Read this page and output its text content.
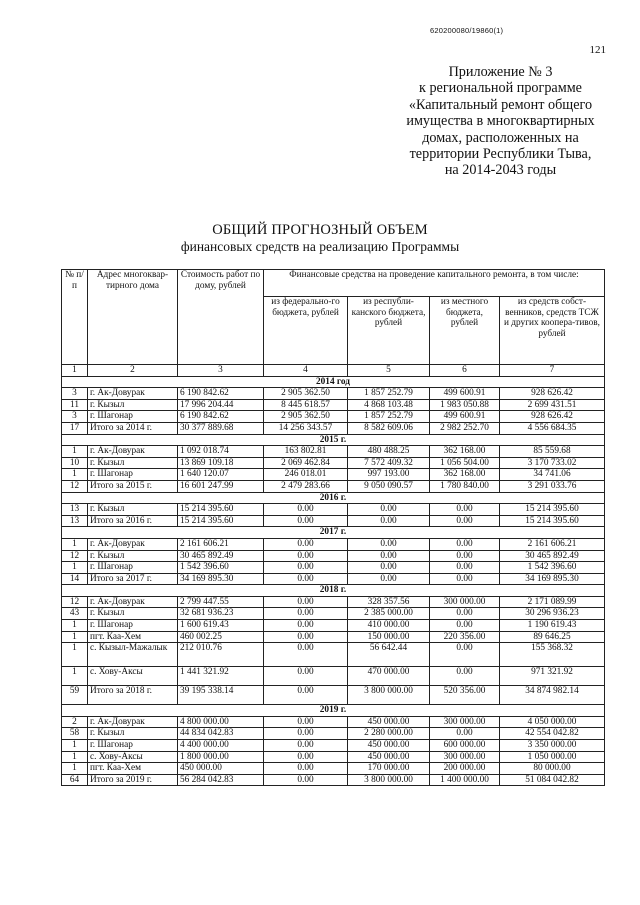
620200080/19860(1)
121
Приложение № 3
к региональной программе
«Капитальный ремонт общего
имущества в многоквартирных
домах, расположенных на
территории Республики Тыва,
на 2014-2043 годы
ОБЩИЙ ПРОГНОЗНЫЙ ОБЪЕМ
финансовых средств на реализацию Программы
№ п/п	Адрес многоквар-тирного дома	Стоимость работ по дому, рублей	Финансовые средства на проведение капитального ремонта, в том числе:			
			из федерально-го бюджета, рублей	из республи-канского бюджета, рублей	из местного бюджета, рублей	из средств собст-венников, средств ТСЖ и других коопера-тивов, рублей
1	2	3	4	5	6	7
2014 год						
3	г. Ак-Довурак	6 190 842.62	2 905 362.50	1 857 252.79	499 600.91	928 626.42
11	г. Кызыл	17 996 204.44	8 445 618.57	4 868 103.48	1 983 050.88	2 699 431.51
3	г. Шагонар	6 190 842.62	2 905 362.50	1 857 252.79	499 600.91	928 626.42
17	Итого за 2014 г.	30 377 889.68	14 256 343.57	8 582 609.06	2 982 252.70	4 556 684.35
2015 г.						
1	г. Ак-Довурак	1 092 018.74	163 802.81	480 488.25	362 168.00	85 559.68
10	г. Кызыл	13 869 109.18	2 069 462.84	7 572 409.32	1 056 504.00	3 170 733.02
1	г. Шагонар	1 640 120.07	246 018.01	997 193.00	362 168.00	34 741.06
12	Итого за 2015 г.	16 601 247.99	2 479 283.66	9 050 090.57	1 780 840.00	3 291 033.76
2016 г.						
13	г. Кызыл	15 214 395.60	0.00	0.00	0.00	15 214 395.60
13	Итого за 2016 г.	15 214 395.60	0.00	0.00	0.00	15 214 395.60
2017 г.						
1	г. Ак-Довурак	2 161 606.21	0.00	0.00	0.00	2 161 606.21
12	г. Кызыл	30 465 892.49	0.00	0.00	0.00	30 465 892.49
1	г. Шагонар	1 542 396.60	0.00	0.00	0.00	1 542 396.60
14	Итого за 2017 г.	34 169 895.30	0.00	0.00	0.00	34 169 895.30
2018 г.						
12	г. Ак-Довурак	2 799 447.55	0.00	328 357.56	300 000.00	2 171 089.99
43	г. Кызыл	32 681 936.23	0.00	2 385 000.00	0.00	30 296 936.23
1	г. Шагонар	1 600 619.43	0.00	410 000.00	0.00	1 190 619.43
1	пгт. Каа-Хем	460 002.25	0.00	150 000.00	220 356.00	89 646.25
1	с. Кызыл-Мажалык	212 010.76	0.00	56 642.44	0.00	155 368.32
1	с. Хову-Аксы	1 441 321.92	0.00	470 000.00	0.00	971 321.92
59	Итого за 2018 г.	39 195 338.14	0.00	3 800 000.00	520 356.00	34 874 982.14
2019 г.						
2	г. Ак-Довурак	4 800 000.00	0.00	450 000.00	300 000.00	4 050 000.00
58	г. Кызыл	44 834 042.83	0.00	2 280 000.00	0.00	42 554 042.82
1	г. Шагонар	4 400 000.00	0.00	450 000.00	600 000.00	3 350 000.00
1	с. Хову-Аксы	1 800 000.00	0.00	450 000.00	300 000.00	1 050 000.00
1	пгт. Каа-Хем	450 000.00	0.00	170 000.00	200 000.00	80 000.00
64	Итого за 2019 г.	56 284 042.83	0.00	3 800 000.00	1 400 000.00	51 084 042.82
